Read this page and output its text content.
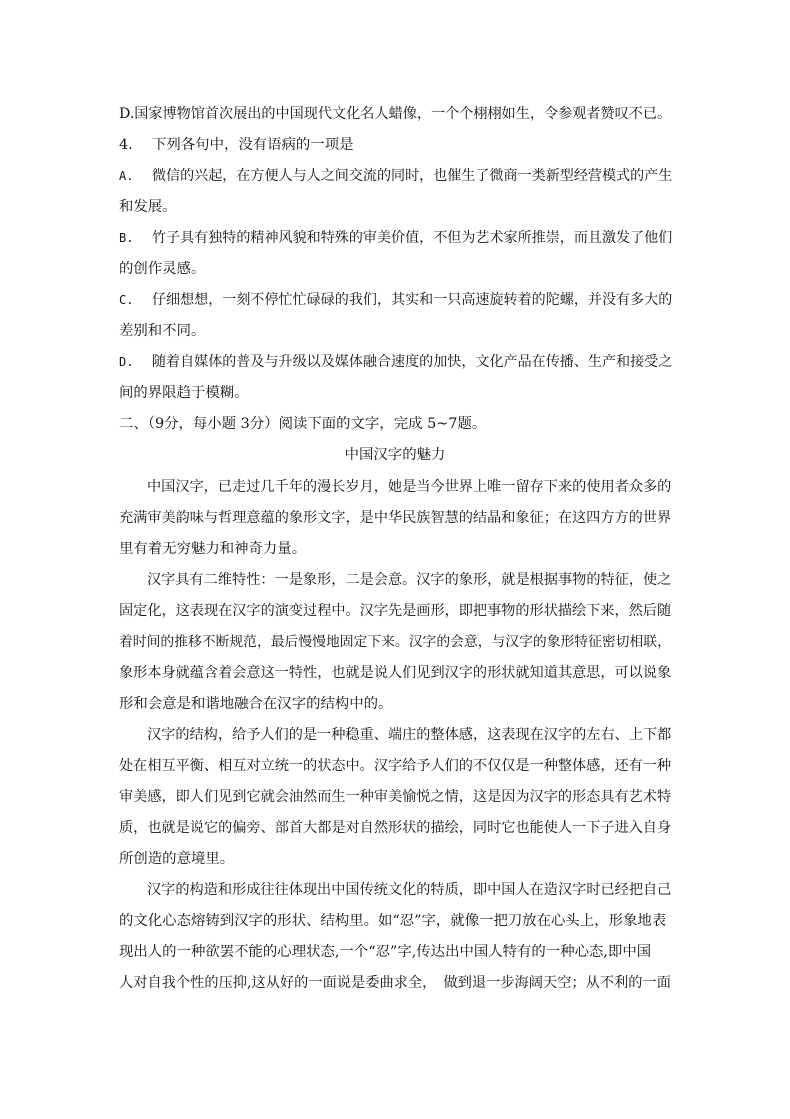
D.国家博物馆首次展出的中国现代文化名人蜡像，一个个栩栩如生，令参观者赞叹不已。
4. 下列各句中，没有语病的一项是
A. 微信的兴起，在方便人与人之间交流的同时，也催生了微商一类新型经营模式的产生
和发展。
B. 竹子具有独特的精神风貌和特殊的审美价值，不但为艺术家所推崇，而且激发了他们
的创作灵感。
C. 仔细想想，一刻不停忙忙碌碌的我们，其实和一只高速旋转着的陀螺，并没有多大的
差别和不同。
D. 随着自媒体的普及与升级以及媒体融合速度的加快，文化产品在传播、生产和接受之
间的界限趋于模糊。
二、（9分，每小题 3分）阅读下面的文字，完成 5~7题。
中国汉字的魅力
中国汉字，已走过几千年的漫长岁月，她是当今世界上唯一留存下来的使用者众多的
充满审美韵味与哲理意蕴的象形文字，是中华民族智慧的结晶和象征；在这四方方的世界
里有着无穷魅力和神奇力量。
汉字具有二维特性：一是象形，二是会意。汉字的象形，就是根据事物的特征，使之
固定化，这表现在汉字的演变过程中。汉字先是画形，即把事物的形状描绘下来，然后随
着时间的推移不断规范，最后慢慢地固定下来。汉字的会意，与汉字的象形特征密切相联，
象形本身就蕴含着会意这一特性，也就是说人们见到汉字的形状就知道其意思，可以说象
形和会意是和谐地融合在汉字的结构中的。
汉字的结构，给予人们的是一种稳重、端庄的整体感，这表现在汉字的左右、上下都
处在相互平衡、相互对立统一的状态中。汉字给予人们的不仅仅是一种整体感，还有一种
审美感，即人们见到它就会油然而生一种审美愉悦之情，这是因为汉字的形态具有艺术特
质，也就是说它的偏旁、部首大都是对自然形状的描绘，同时它也能使人一下子进入自身
所创造的意境里。
汉字的构造和形成往往体现出中国传统文化的特质，即中国人在造汉字时已经把自己
的文化心态熔铸到汉字的形状、结构里。如“忍”字，就像一把刀放在心头上，形象地表
现出人的一种欲罢不能的心理状态,一个“忍”字,传达出中国人特有的一种心态,即中国
人对自我个性的压抑,这从好的一面说是委曲求全，　做到退一步海阔天空；从不利的一面
